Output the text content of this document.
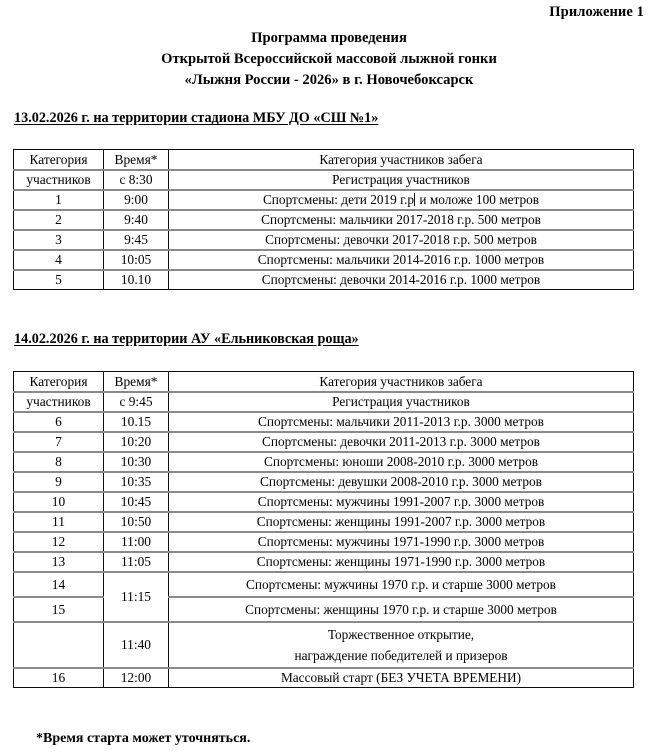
Приложение 1
Программа проведения
Открытой Всероссийской массовой лыжной гонки
«Лыжня России - 2026» в г. Новочебоксарск
13.02.2026 г. на территории стадиона МБУ ДО «СШ №1»
Категория	Время*	Категория участников забега
участников	с 8:30	Регистрация участников
1	9:00	Спортсмены: дети 2019 г.р и моложе 100 метров
2	9:40	Спортсмены: мальчики 2017-2018 г.р. 500 метров
3	9:45	Спортсмены: девочки 2017-2018 г.р. 500 метров
4	10:05	Спортсмены: мальчики 2014-2016 г.р. 1000 метров
5	10.10	Спортсмены: девочки 2014-2016 г.р. 1000 метров
14.02.2026 г. на территории АУ «Ельниковская роща»
Категория	Время*	Категория участников забега
участников	с 9:45	Регистрация участников
6	10.15	Спортсмены: мальчики 2011-2013 г.р. 3000 метров
7	10:20	Спортсмены: девочки 2011-2013 г.р. 3000 метров
8	10:30	Спортсмены: юноши 2008-2010 г.р. 3000 метров
9	10:35	Спортсмены: девушки 2008-2010 г.р. 3000 метров
10	10:45	Спортсмены: мужчины 1991-2007 г.р. 3000 метров
11	10:50	Спортсмены: женщины 1991-2007 г.р. 3000 метров
12	11:00	Спортсмены: мужчины 1971-1990 г.р. 3000 метров
13	11:05	Спортсмены: женщины 1971-1990 г.р. 3000 метров
14	11:15	Спортсмены: мужчины 1970 г.р. и старше 3000 метров
15		Спортсмены: женщины 1970 г.р. и старше 3000 метров
	11:40	Торжественное открытие,
награждение победителей и призеров

16	12:00	Массовый старт (БЕЗ УЧЕТА ВРЕМЕНИ)
*Время старта может уточняться.
